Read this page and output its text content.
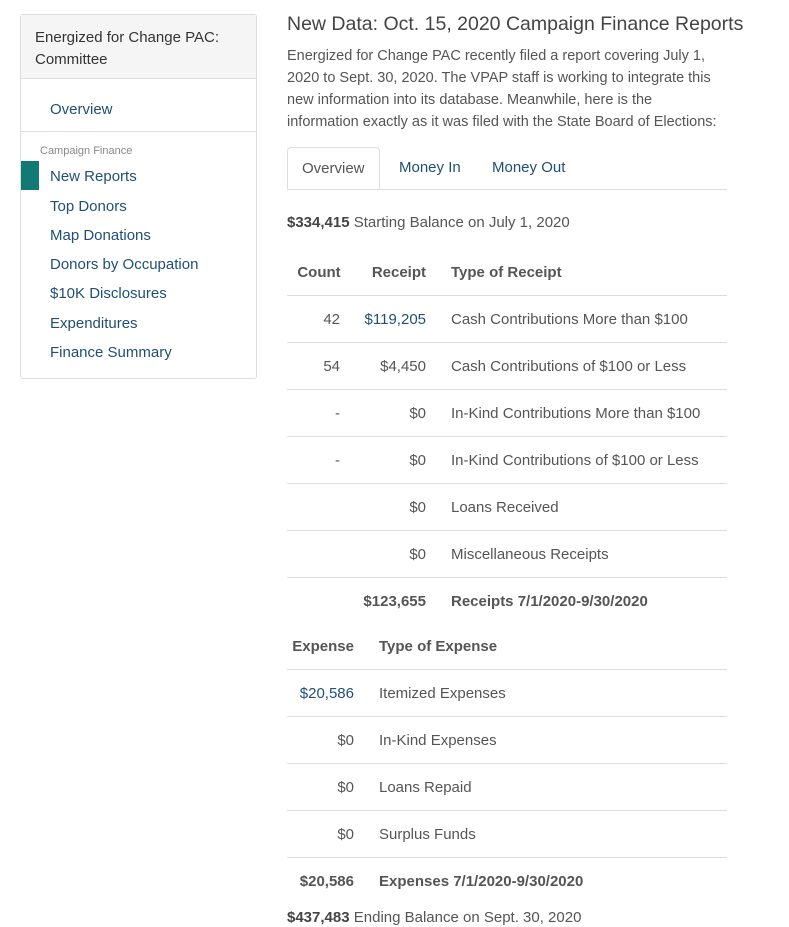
Energized for Change PAC: Committee
Overview
Campaign Finance
New Reports
Top Donors
Map Donations
Donors by Occupation
$10K Disclosures
Expenditures
Finance Summary
New Data: Oct. 15, 2020 Campaign Finance Reports
Energized for Change PAC recently filed a report covering July 1, 2020 to Sept. 30, 2020. The VPAP staff is working to integrate this new information into its database. Meanwhile, here is the information exactly as it was filed with the State Board of Elections:
Overview	Money In Money Out
$334,415 Starting Balance on July 1, 2020
Count	Receipt		Type of Receipt
42	$119,205		Cash Contributions More than $100
54	$4,450		Cash Contributions of $100 or Less
-	$0		In-Kind Contributions More than $100
-	$0		In-Kind Contributions of $100 or Less
	$0		Loans Received
	$0		Miscellaneous Receipts
	$123,655		Receipts 7/1/2020-9/30/2020
Expense		Type of Expense
$20,586		Itemized Expenses
$0		In-Kind Expenses
$0		Loans Repaid
$0		Surplus Funds
$20,586		Expenses 7/1/2020-9/30/2020
$437,483 Ending Balance on Sept. 30, 2020
